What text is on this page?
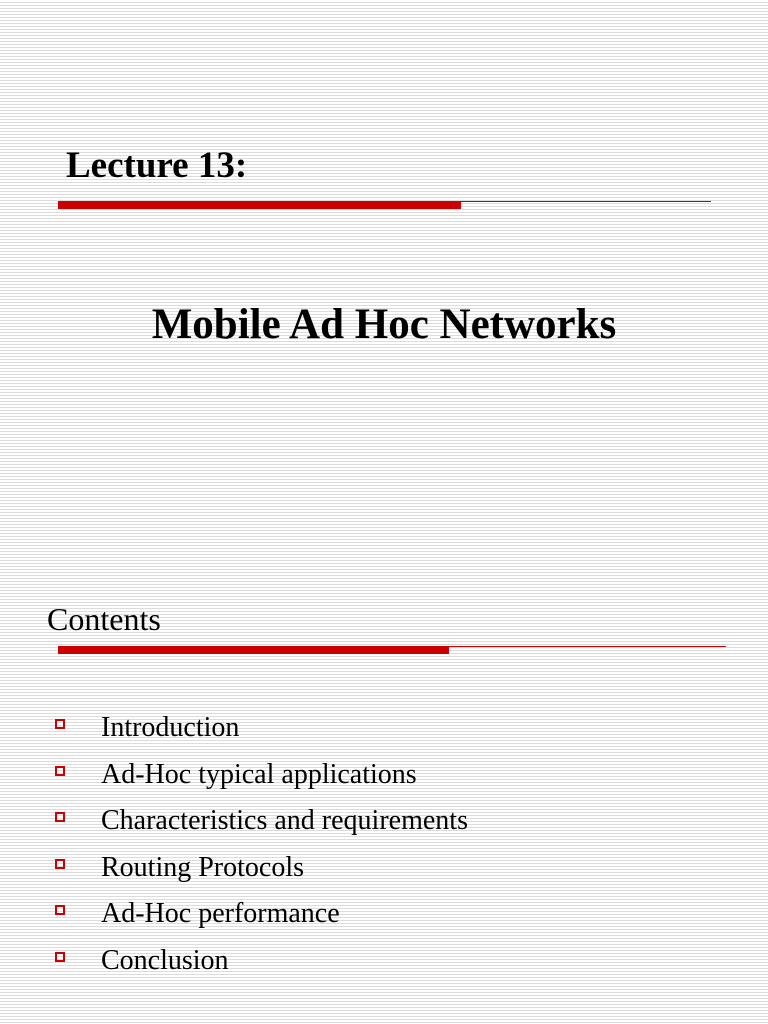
Lecture 13:
Mobile Ad Hoc Networks
Contents
Introduction
Ad-Hoc typical applications
Characteristics and requirements
Routing Protocols
Ad-Hoc performance
Conclusion
